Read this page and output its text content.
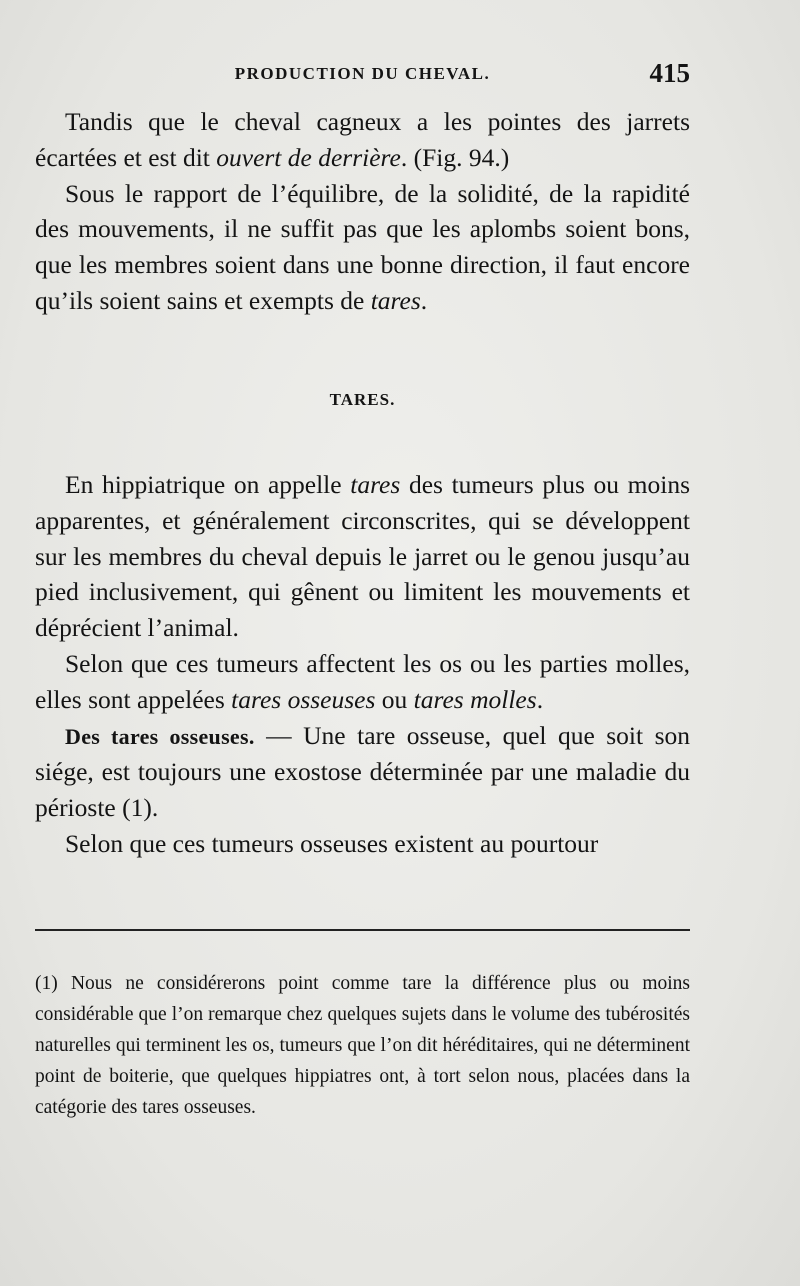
PRODUCTION DU CHEVAL.	415

Tandis que le cheval cagneux a les pointes des jarrets écartées et est dit ouvert de derrière. (Fig. 94.)

Sous le rapport de l’équilibre, de la solidité, de la rapidité des mouvements, il ne suffit pas que les aplombs soient bons, que les membres soient dans une bonne direction, il faut encore qu’ils soient sains et exempts de tares.

TARES.

En hippiatrique on appelle tares des tumeurs plus ou moins apparentes, et généralement circonscrites, qui se développent sur les membres du cheval depuis le jarret ou le genou jusqu’au pied inclusivement, qui gênent ou limitent les mouvements et déprécient l’animal.

Selon que ces tumeurs affectent les os ou les parties molles, elles sont appelées tares osseuses ou tares molles.

Des tares osseuses. — Une tare osseuse, quel que soit son siége, est toujours une exostose déterminée par une maladie du périoste (1).

Selon que ces tumeurs osseuses existent au pourtour

(1) Nous ne considérerons point comme tare la différence plus ou moins considérable que l’on remarque chez quelques sujets dans le volume des tubérosités naturelles qui terminent les os, tumeurs que l’on dit héréditaires, qui ne déterminent point de boiterie, que quelques hippiatres ont, à tort selon nous, placées dans la catégorie des tares osseuses.
